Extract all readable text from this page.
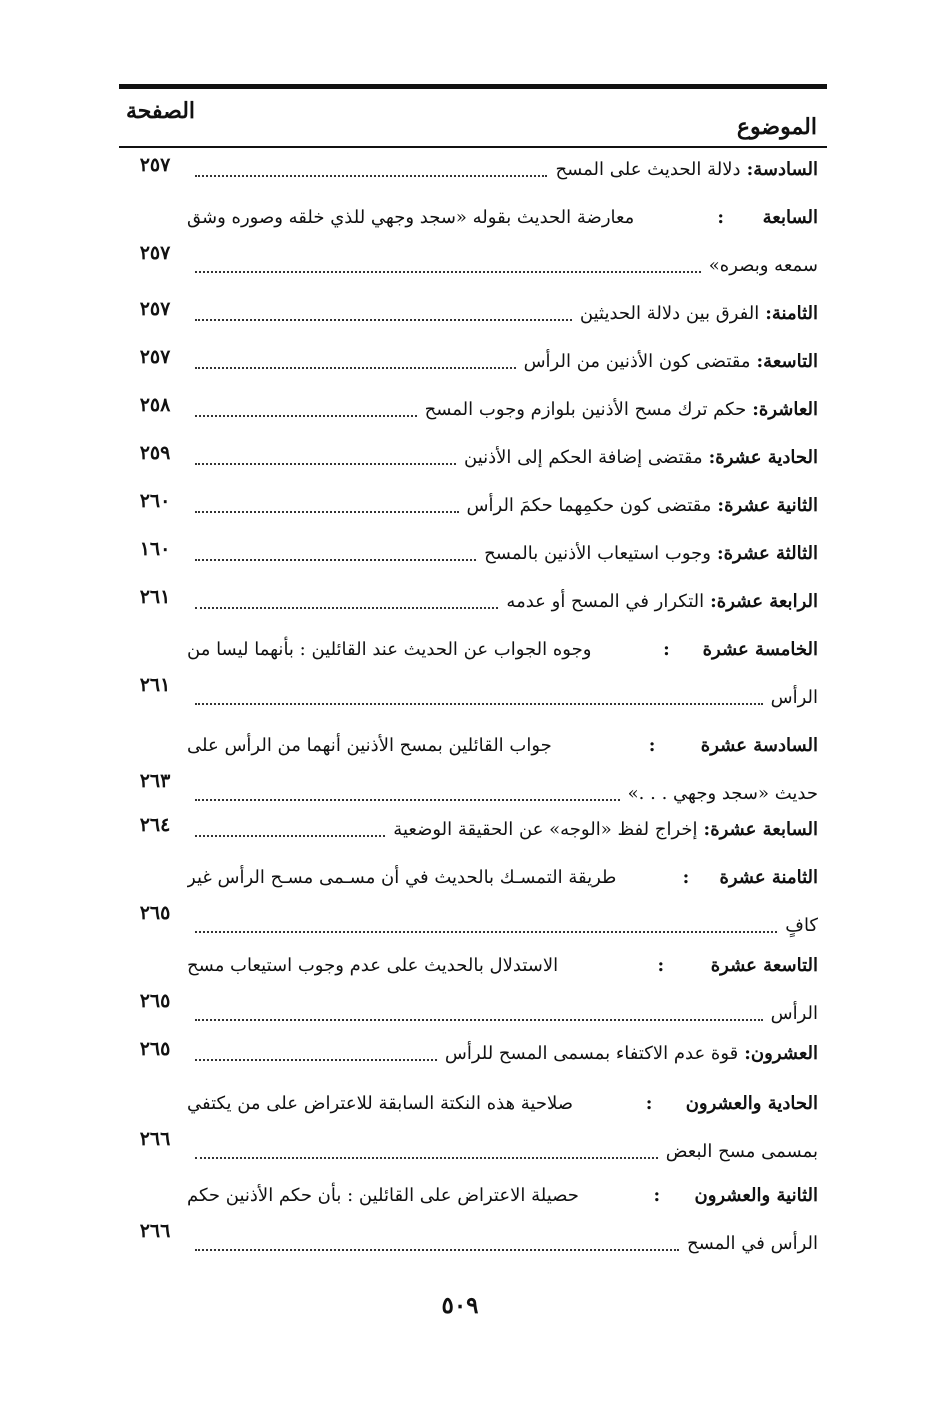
الصفحة
الموضوع
السادسة
:
دلالة الحديث على المسح
٢٥٧
السابعة
:
معارضة الحديث بقوله «سجد وجهي للذي خلقه وصوره وشق
سمعه وبصره»
٢٥٧
الثامنة
:
الفرق بين دلالة الحديثين
٢٥٧
التاسعة
:
مقتضى كون الأذنين من الرأس
٢٥٧
العاشرة
:
حكم ترك مسح الأذنين بلوازم وجوب المسح
٢٥٨
الحادية عشرة
:
مقتضى إضافة الحكم إلى الأذنين
٢٥٩
الثانية عشرة
:
مقتضى كون حكمِهما حكمَ الرأس
٢٦٠
الثالثة عشرة
:
وجوب استيعاب الأذنين بالمسح
١٦٠
الرابعة عشرة
:
التكرار في المسح أو عدمه
٢٦١
الخامسة عشرة
:
وجوه الجواب عن الحديث عند القائلين : بأنهما ليسا من
الرأس
٢٦١
السادسة عشرة
:
جواب القائلين بمسح الأذنين أنهما من الرأس على
حديث «سجد وجهي . . .»
٢٦٣
السابعة عشرة
:
إخراج لفظ «الوجه» عن الحقيقة الوضعية
٢٦٤
الثامنة عشرة
:
طريقة التمسـك بالحديث في أن مسـمى مسـح الرأس غير
كافٍ
٢٦٥
التاسعة عشرة
:
الاستدلال بالحديث على عدم وجوب استيعاب مسح
الرأس
٢٦٥
العشرون
:
قوة عدم الاكتفاء بمسمى المسح للرأس
٢٦٥
الحادية والعشرون
:
صلاحية هذه النكتة السابقة للاعتراض على من يكتفي
بمسمى مسح البعض
٢٦٦
الثانية والعشرون
:
حصيلة الاعتراض على القائلين : بأن حكم الأذنين حكم
الرأس في المسح
٢٦٦
٥٠٩
